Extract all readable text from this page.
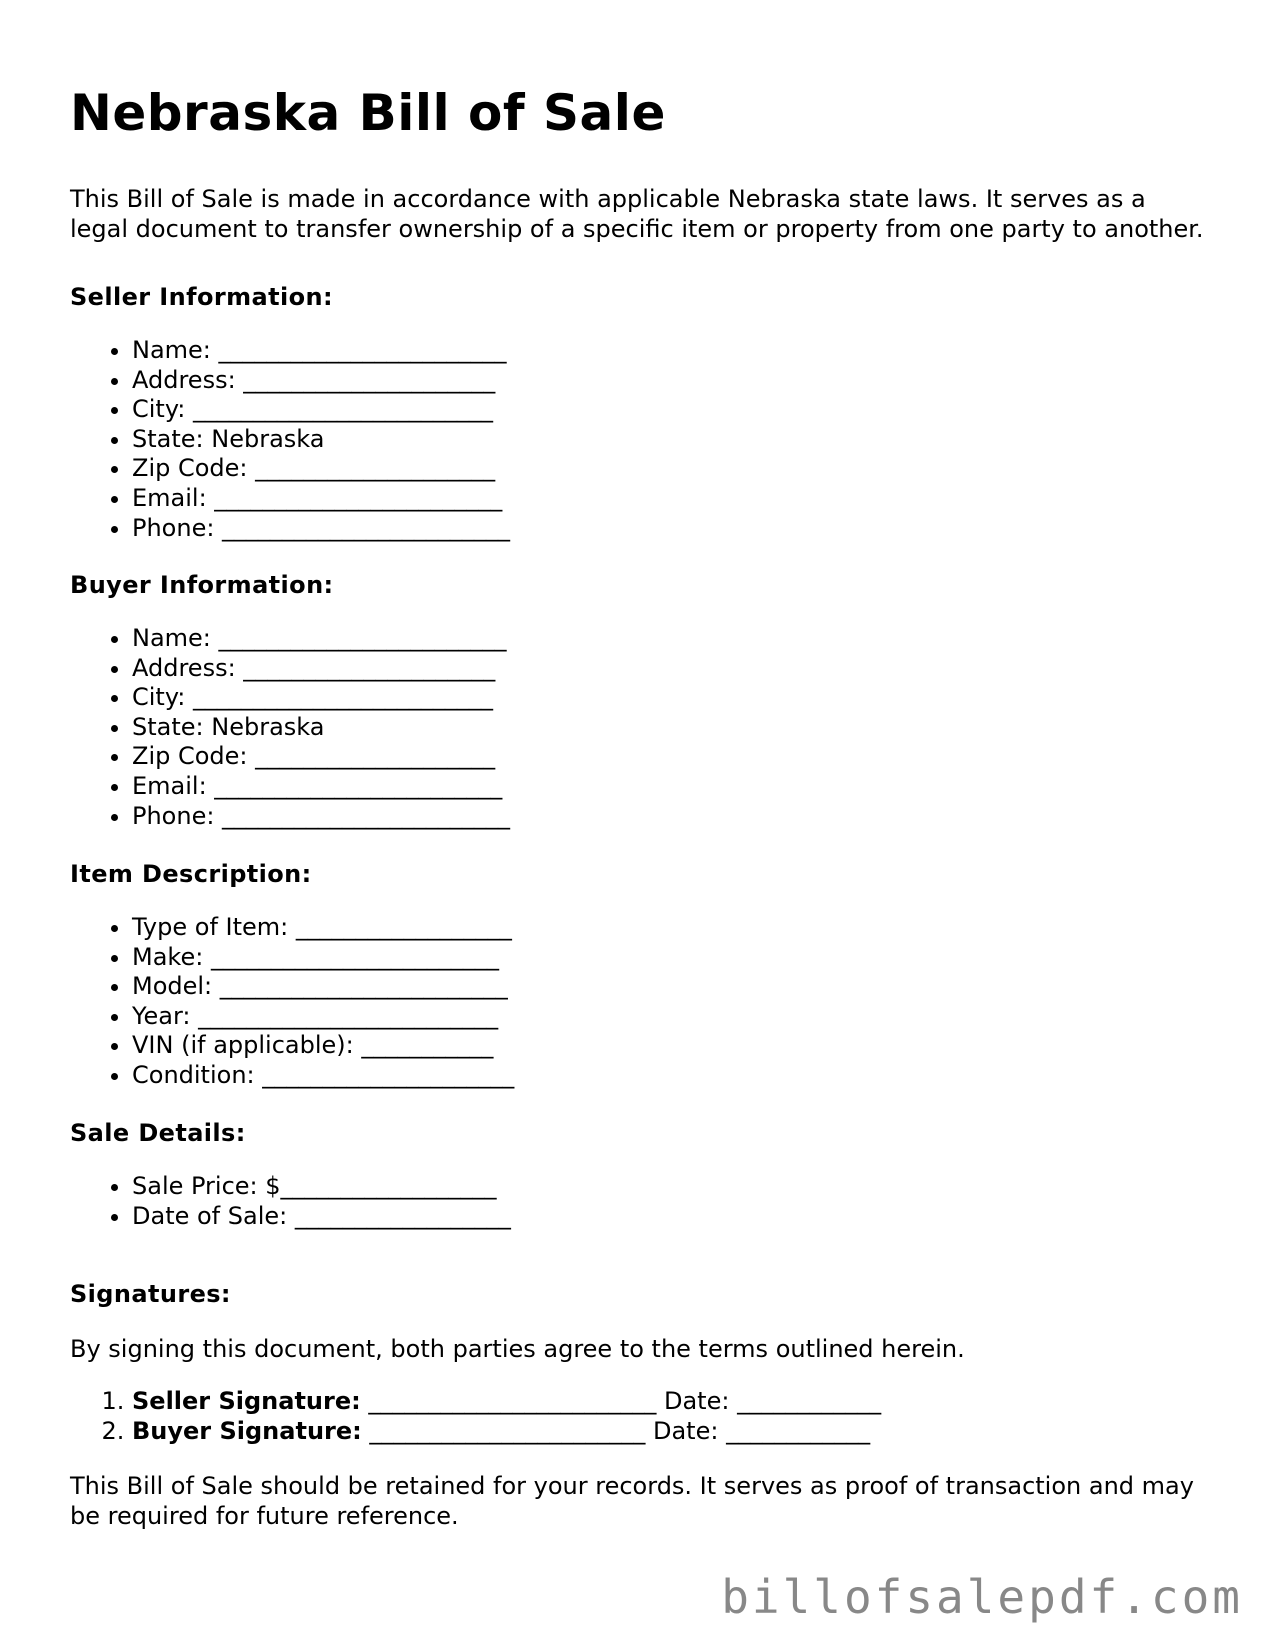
Nebraska Bill of Sale

This Bill of Sale is made in accordance with applicable Nebraska state laws. It serves as a legal document to transfer ownership of a specific item or property from one party to another.

Seller Information:

• Name: ________________________
• Address: _____________________
• City: _________________________
• State: Nebraska
• Zip Code: ____________________
• Email: ________________________
• Phone: ________________________

Buyer Information:

• Name: ________________________
• Address: _____________________
• City: _________________________
• State: Nebraska
• Zip Code: ____________________
• Email: ________________________
• Phone: ________________________

Item Description:

• Type of Item: __________________
• Make: ________________________
• Model: ________________________
• Year: _________________________
• VIN (if applicable): ___________
• Condition: _____________________

Sale Details:

• Sale Price: $__________________
• Date of Sale: __________________

Signatures:

By signing this document, both parties agree to the terms outlined herein.

1. Seller Signature: ________________________ Date: ____________
2. Buyer Signature: _______________________ Date: ____________

This Bill of Sale should be retained for your records. It serves as proof of transaction and may be required for future reference.

billofsalepdf.com
